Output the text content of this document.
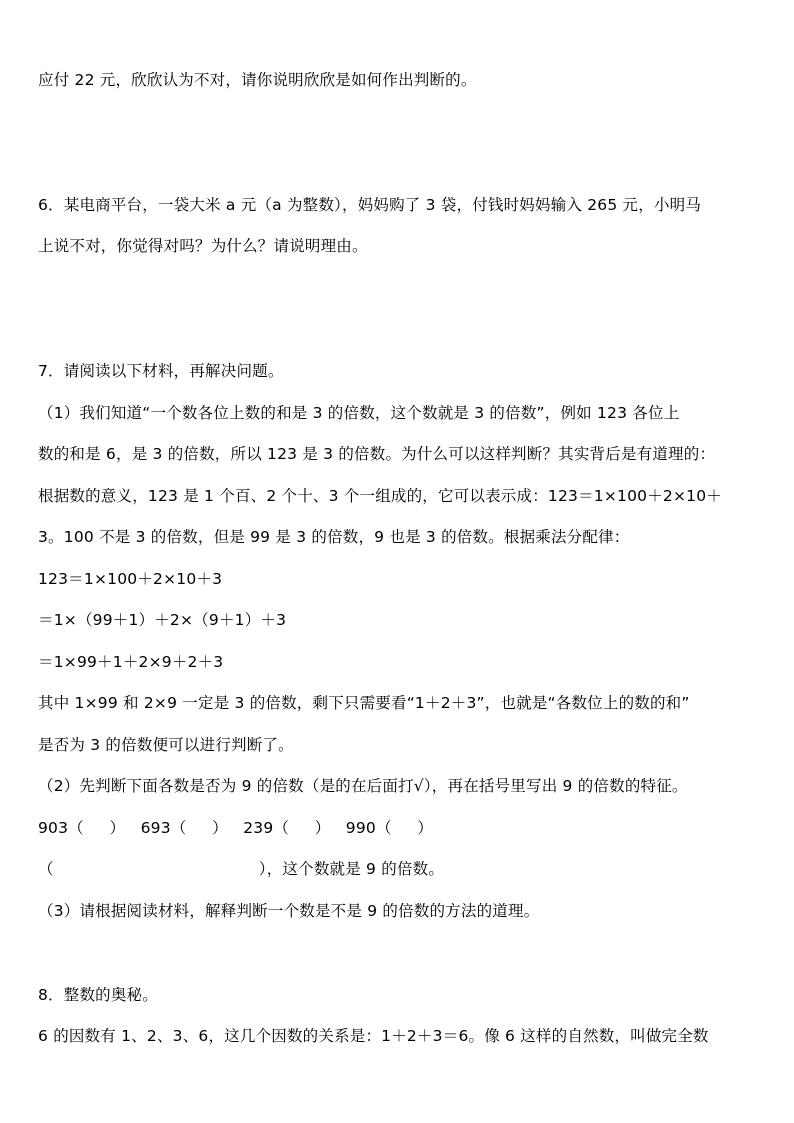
应付 22 元，欣欣认为不对，请你说明欣欣是如何作出判断的。
6．某电商平台，一袋大米 a 元（a 为整数），妈妈购了 3 袋，付钱时妈妈输入 265 元，小明马
上说不对，你觉得对吗？为什么？请说明理由。
7．请阅读以下材料，再解决问题。
（1）我们知道“一个数各位上数的和是 3 的倍数，这个数就是 3 的倍数”，例如 123 各位上
数的和是 6，是 3 的倍数，所以 123 是 3 的倍数。为什么可以这样判断？其实背后是有道理的：
根据数的意义，123 是 1 个百、2 个十、3 个一组成的，它可以表示成：123＝1×100＋2×10＋
3。100 不是 3 的倍数，但是 99 是 3 的倍数，9 也是 3 的倍数。根据乘法分配律：
123＝1×100＋2×10＋3
＝1×（99＋1）＋2×（9＋1）＋3
＝1×99＋1＋2×9＋2＋3
其中 1×99 和 2×9 一定是 3 的倍数，剩下只需要看“1＋2＋3”，也就是“各数位上的数的和”
是否为 3 的倍数便可以进行判断了。
（2）先判断下面各数是否为 9 的倍数（是的在后面打√），再在括号里写出 9 的倍数的特征。
903（     ）   693（     ）   239（     ）   990（     ）
（                                        ），这个数就是 9 的倍数。
（3）请根据阅读材料，解释判断一个数是不是 9 的倍数的方法的道理。
8．整数的奥秘。
6 的因数有 1、2、3、6，这几个因数的关系是：1＋2＋3＝6。像 6 这样的自然数，叫做完全数
